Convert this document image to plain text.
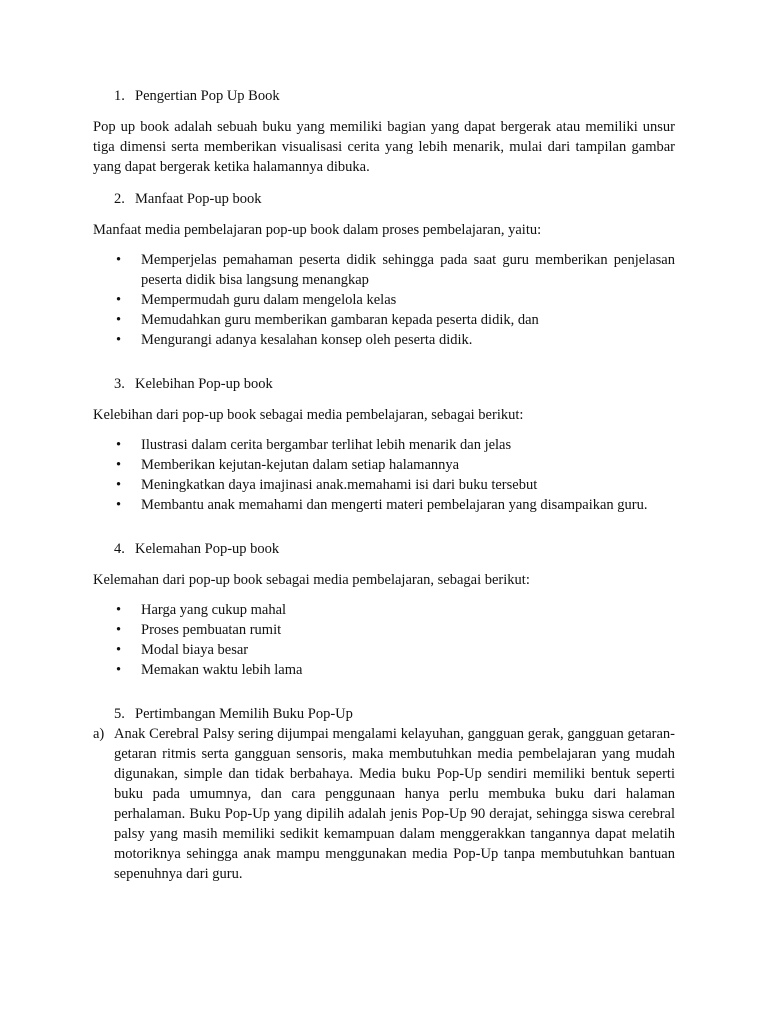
1. Pengertian Pop Up Book

Pop up book adalah sebuah buku yang memiliki bagian yang dapat bergerak atau memiliki unsur tiga dimensi serta memberikan visualisasi cerita yang lebih menarik, mulai dari tampilan gambar yang dapat bergerak ketika halamannya dibuka.

2. Manfaat Pop-up book

Manfaat media pembelajaran pop-up book dalam proses pembelajaran, yaitu:

• Memperjelas pemahaman peserta didik sehingga pada saat guru memberikan penjelasan peserta didik bisa langsung menangkap
• Mempermudah guru dalam mengelola kelas
• Memudahkan guru memberikan gambaran kepada peserta didik, dan
• Mengurangi adanya kesalahan konsep oleh peserta didik.
3. Kelebihan Pop-up book

Kelebihan dari pop-up book sebagai media pembelajaran, sebagai berikut:

• Ilustrasi dalam cerita bergambar terlihat lebih menarik dan jelas
• Memberikan kejutan-kejutan dalam setiap halamannya
• Meningkatkan daya imajinasi anak.memahami isi dari buku tersebut
• Membantu anak memahami dan mengerti materi pembelajaran yang disampaikan guru.
4. Kelemahan Pop-up book

Kelemahan dari pop-up book sebagai media pembelajaran, sebagai berikut:

• Harga yang cukup mahal
• Proses pembuatan rumit
• Modal biaya besar
• Memakan waktu lebih lama
5. Pertimbangan Memilih Buku Pop-Up
a) Anak Cerebral Palsy sering dijumpai mengalami kelayuhan, gangguan gerak, gangguan getaran-getaran ritmis serta gangguan sensoris, maka membutuhkan media pembelajaran yang mudah digunakan, simple dan tidak berbahaya. Media buku Pop-Up sendiri memiliki bentuk seperti buku pada umumnya, dan cara penggunaan hanya perlu membuka buku dari halaman perhalaman. Buku Pop-Up yang dipilih adalah jenis Pop-Up 90 derajat, sehingga siswa cerebral palsy yang masih memiliki sedikit kemampuan dalam menggerakkan tangannya dapat melatih motoriknya sehingga anak mampu menggunakan media Pop-Up tanpa membutuhkan bantuan sepenuhnya dari guru.
